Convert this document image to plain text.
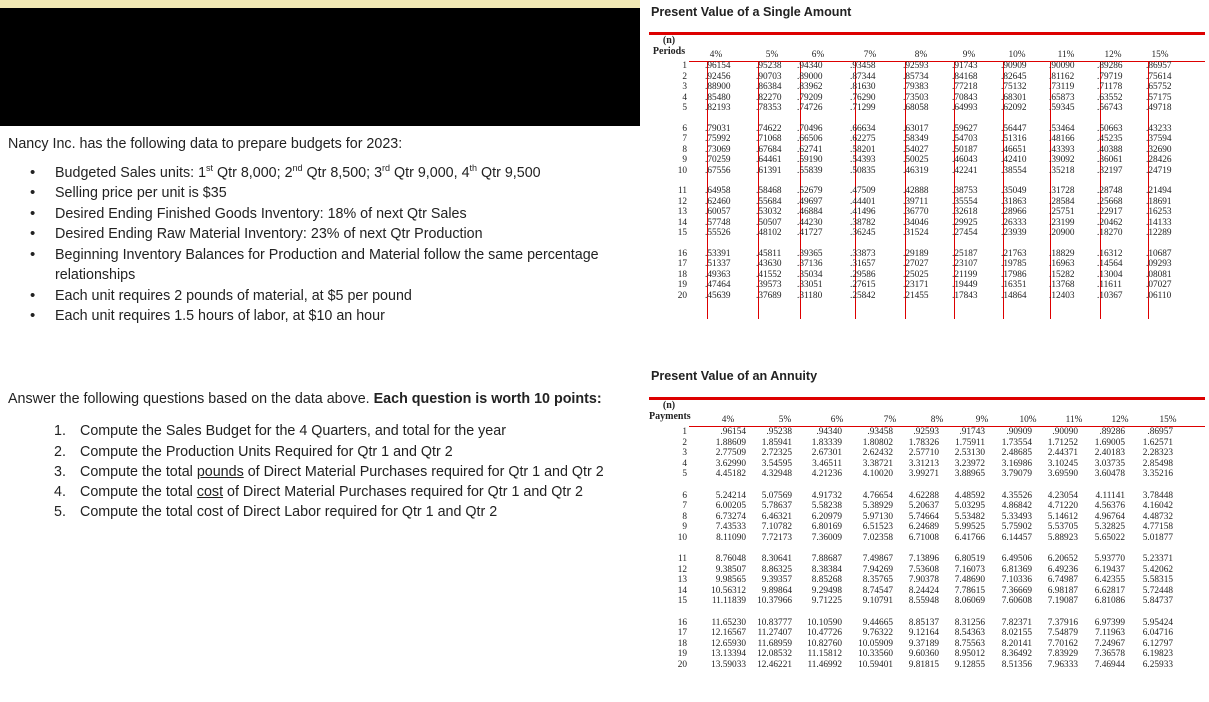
Nancy Inc. has the following data to prepare budgets for 2023:
• Budgeted Sales units: 1st Qtr 8,000; 2nd Qtr 8,500; 3rd Qtr 9,000, 4th Qtr 9,500
• Selling price per unit is $35
• Desired Ending Finished Goods Inventory: 18% of next Qtr Sales
• Desired Ending Raw Material Inventory: 23% of next Qtr Production
• Beginning Inventory Balances for Production and Material follow the same percentage relationships
• Each unit requires 2 pounds of material, at $5 per pound
• Each unit requires 1.5 hours of labor, at $10 an hour
Answer the following questions based on the data above. Each question is worth 10 points:
1. Compute the Sales Budget for the 4 Quarters, and total for the year
2. Compute the Production Units Required for Qtr 1 and Qtr 2
3. Compute the total pounds of Direct Material Purchases required for Qtr 1 and Qtr 2
4. Compute the total cost of Direct Material Purchases required for Qtr 1 and Qtr 2
5. Compute the total cost of Direct Labor required for Qtr 1 and Qtr 2
Present Value of a Single Amount
(n)
Periods	4%	5%	6%	7%	8%	9%	10%	11%	12%	15%
1 .96154	.95238 .94340	.93458	.92593	.91743	.90909 .90090 .89286	.86957
2 .92456	.90703 .89000	.87344	.85734	.84168	.82645 .81162 .79719	.75614
3 .88900	.86384 .83962	.81630	.79383	.77218	.75132 .73119 .71178	.65752
4 .85480	.82270 .79209	.76290	.73503	.70843	.68301 .65873 .63552	.57175
5 .82193	.78353 .74726	.71299	.68058	.64993	.62092 .59345 .56743	.49718
6 .79031	.74622 .70496	.66634	.63017	.59627	.56447 .53464 .50663	.43233
7 .75992	.71068 .66506	.62275	.58349	.54703	.51316 .48166 .45235	.37594
8 .73069	.67684 .62741	.58201	.54027	.50187	.46651 .43393 .40388	.32690
9 .70259	.64461 .59190	.54393	.50025	.46043	.42410 .39092 .36061	.28426
10 .67556	.61391 .55839	.50835	.46319	.42241	.38554 .35218 .32197	.24719
11 .64958	.58468 .52679	.47509	.42888	.38753	.35049 .31728 .28748	.21494
12 .62460	.55684 .49697	.44401	.39711	.35554	.31863 .28584 .25668	.18691
13 .60057	.53032 .46884	.41496	.36770	.32618	.28966 .25751 .22917	.16253
14 .57748	.50507 .44230	.38782	.34046	.29925	.26333 .23199 .20462	.14133
15 .55526	.48102 .41727	.36245	.31524	.27454	.23939 .20900 .18270	.12289
16 .53391	.45811 .39365	.33873	.29189	.25187	.21763 .18829 .16312	.10687
17 .51337	.43630 .37136	.31657	.27027	.23107	.19785 .16963 .14564	.09293
18 .49363	.41552 .35034	.29586	.25025	.21199	.17986 .15282 .13004	.08081
19 .47464	.39573 .33051	.27615	.23171	.19449	.16351 .13768 .11611	.07027
20 .45639	.37689 .31180	.25842	.21455	.17843	.14864 .12403 .10367	.06110
Present Value of an Annuity
(n)
Payments	4%	5%	6%	7%	8%	9%	10%	11%	12%	15%
1	.96154 .95238	.94340	.93458 .92593 .91743 .90909 .90090 .89286 .86957
2	1.88609 1.85941 1.83339 1.80802 1.78326 1.75911 1.73554 1.71252 1.69005 1.62571
3	2.77509 2.72325 2.67301 2.62432 2.57710 2.53130 2.48685 2.44371 2.40183 2.28323
4	3.62990 3.54595 3.46511 3.38721 3.31213 3.23972 3.16986 3.10245 3.03735 2.85498
5	4.45182 4.32948 4.21236 4.10020 3.99271 3.88965 3.79079 3.69590 3.60478 3.35216
6	5.24214 5.07569 4.91732 4.76654 4.62288 4.48592 4.35526 4.23054 4.11141 3.78448
7	6.00205 5.78637 5.58238 5.38929 5.20637 5.03295 4.86842 4.71220 4.56376 4.16042
8	6.73274 6.46321 6.20979 5.97130 5.74664 5.53482 5.33493 5.14612 4.96764 4.48732
9	7.43533 7.10782 6.80169 6.51523 6.24689 5.99525 5.75902 5.53705 5.32825 4.77158
10	8.11090 7.72173 7.36009 7.02358 6.71008 6.41766 6.14457 5.88923 5.65022 5.01877
11	8.76048 8.30641 7.88687 7.49867 7.13896 6.80519 6.49506 6.20652 5.93770 5.23371
12	9.38507 8.86325 8.38384 7.94269 7.53608 7.16073 6.81369 6.49236 6.19437 5.42062
13	9.98565 9.39357 8.85268 8.35765 7.90378 7.48690 7.10336 6.74987 6.42355 5.58315
14	10.56312 9.89864 9.29498 8.74547 8.24424 7.78615 7.36669 6.98187 6.62817 5.72448
15	11.11839 10.37966 9.71225 9.10791 8.55948 8.06069 7.60608 7.19087 6.81086 5.84737
16	11.65230 10.83777 10.10590 9.44665 8.85137 8.31256 7.82371 7.37916 6.97399 5.95424
17	12.16567 11.27407 10.47726 9.76322 9.12164 8.54363 8.02155 7.54879 7.11963 6.04716
18	12.65930 11.68959 10.82760 10.05909 9.37189 8.75563 8.20141 7.70162 7.24967 6.12797
19	13.13394 12.08532 11.15812 10.33560 9.60360 8.95012 8.36492 7.83929 7.36578 6.19823
20	13.59033 12.46221 11.46992 10.59401 9.81815 9.12855 8.51356 7.96333 7.46944 6.25933
